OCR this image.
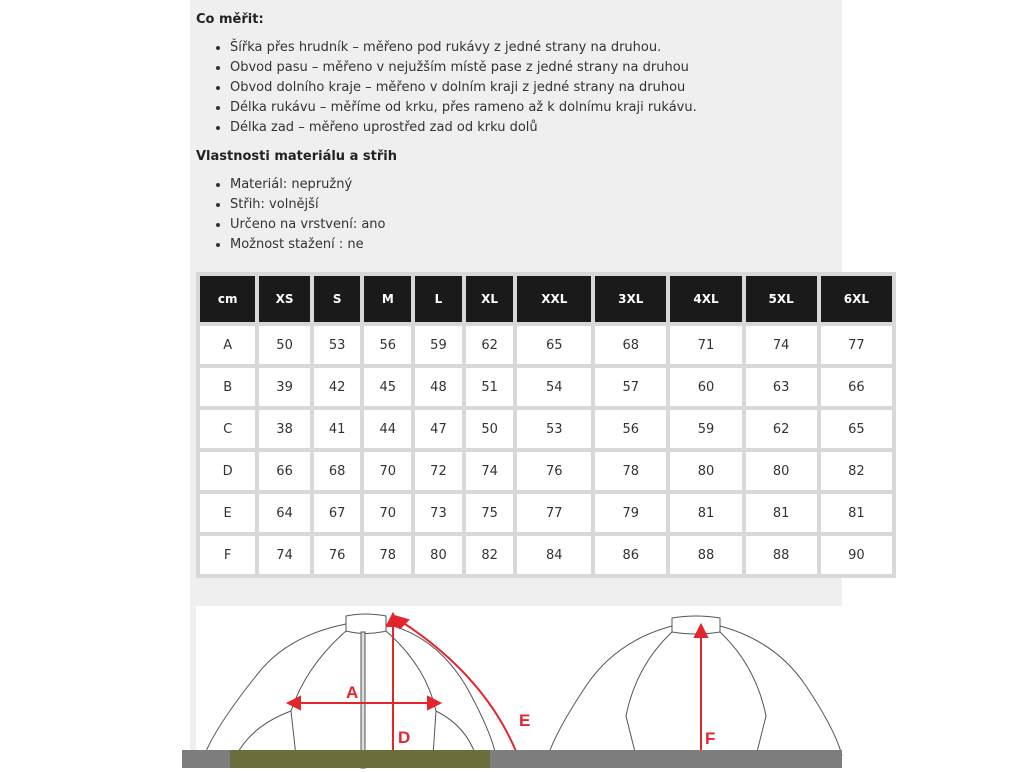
Co měřit:
• Šířka přes hrudník – měřeno pod rukávy z jedné strany na druhou.
• Obvod pasu – měřeno v nejužším místě pase z jedné strany na druhou
• Obvod dolního kraje – měřeno v dolním kraji z jedné strany na druhou
• Délka rukávu – měříme od krku, přes rameno až k dolnímu kraji rukávu.
• Délka zad – měřeno uprostřed zad od krku dolů
Vlastnosti materiálu a střih
• Materiál: nepružný
• Střih: volnější
• Určeno na vrstvení: ano
• Možnost stažení : ne
cm	XS	S	M	L	XL	XXL	3XL	4XL	5XL	6XL
A	50	53	56	59	62	65	68	71	74	77
B	39	42	45	48	51	54	57	60	63	66
C	38	41	44	47	50	53	56	59	62	65
D	66	68	70	72	74	76	78	80	80	82
E	64	67	70	73	75	77	79	81	81	81
F	74	76	78	80	82	84	86	88	88	90
A
D
E
F
